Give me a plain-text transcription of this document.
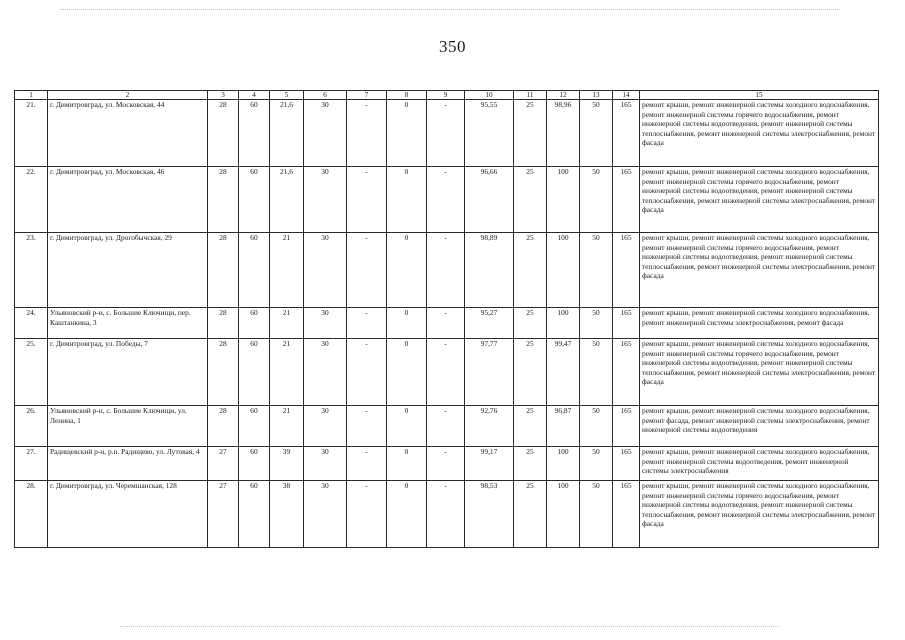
350
1	2	3	4	5	6	7	8	9	10	11	12	13	14	15
21.	г. Димитровград, ул. Московская, 44	28	60	21,6	30	-	0	-	95,55	25	98,96	50	165	ремонт крыши, ремонт инженерной системы холодного водоснабжения, ремонт инженерной системы горячего водоснабжения, ремонт инженерной системы водоотведения, ремонт инженерной системы теплоснабжения, ремонт инженерной системы электроснабжения, ремонт фасада
22.	г. Димитровград, ул. Московская, 46	28	60	21,6	30	-	0	-	96,66	25	100	50	165	ремонт крыши, ремонт инженерной системы холодного водоснабжения, ремонт инженерной системы горячего водоснабжения, ремонт инженерной системы водоотведения, ремонт инженерной системы теплоснабжения, ремонт инженерной системы электроснабжения, ремонт фасада
23.	г. Димитровград, ул. Дрогобычская, 29	28	60	21	30	-	0	-	98,89	25	100	50	165	ремонт крыши, ремонт инженерной системы холодного водоснабжения, ремонт инженерной системы горячего водоснабжения, ремонт инженерной системы водоотведения, ремонт инженерной системы теплоснабжения, ремонт инженерной системы электроснабжения, ремонт фасада
24.	Ульяновский р-н, с. Большие Ключищи, пер. Каштанкина, 3	28	60	21	30	-	0	-	95,27	25	100	50	165	ремонт крыши, ремонт инженерной системы холодного водоснабжения, ремонт инженерной системы электроснабжения, ремонт фасада
25.	г. Димитровград, ул. Победы, 7	28	60	21	30	-	0	-	97,77	25	99,47	50	165	ремонт крыши, ремонт инженерной системы холодного водоснабжения, ремонт инженерной системы горячего водоснабжения, ремонт инженерной системы водоотведения, ремонт инженерной системы теплоснабжения, ремонт инженерной системы электроснабжения, ремонт фасада
26.	Ульяновский р-н, с. Большие Ключищи, ул. Ленина, 1	28	60	21	30	-	0	-	92,76	25	96,87	50	165	ремонт крыши, ремонт инженерной системы холодного водоснабжения, ремонт фасада, ремонт инженерной системы электроснабжения, ремонт инженерной системы водоотведения
27.	Радищевский р-н, р.п. Радищево, ул. Лутовая, 4	27	60	39	30	-	0	-	99,17	25	100	50	165	ремонт крыши, ремонт инженерной системы холодного водоснабжения, ремонт инженерной системы водоотведения, ремонт инженерной системы электроснабжения
28.	г. Димитровград, ул. Черемшанская, 128	27	60	38	30	-	0	-	98,53	25	100	50	165	ремонт крыши, ремонт инженерной системы холодного водоснабжения, ремонт инженерной системы горячего водоснабжения, ремонт инженерной системы водоотведения, ремонт инженерной системы теплоснабжения, ремонт инженерной системы электроснабжения, ремонт фасада
